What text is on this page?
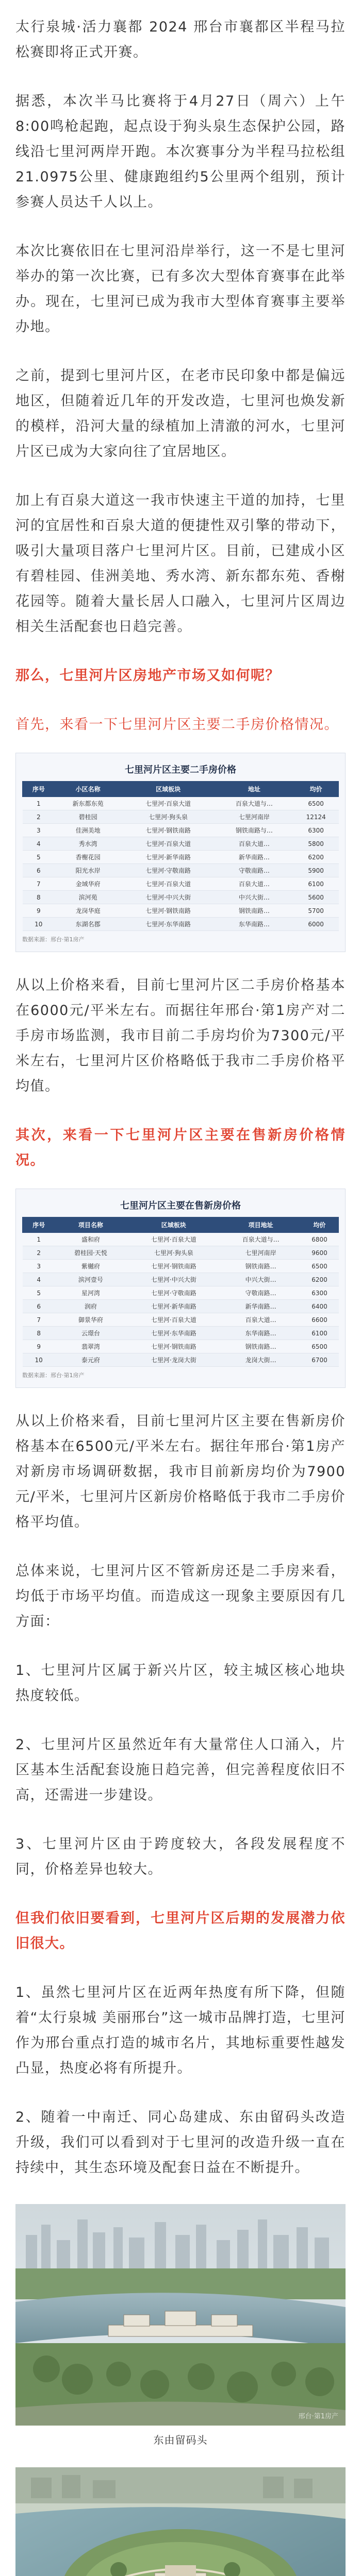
太行泉城·活力襄都 2024 邢台市襄都区半程马拉松赛即将正式开赛。

据悉，本次半马比赛将于4月27日（周六）上午8:00鸣枪起跑，起点设于狗头泉生态保护公园，路线沿七里河两岸开跑。本次赛事分为半程马拉松组21.0975公里、健康跑组约5公里两个组别，预计参赛人员达千人以上。

本次比赛依旧在七里河沿岸举行，这一不是七里河举办的第一次比赛，已有多次大型体育赛事在此举办。现在，七里河已成为我市大型体育赛事主要举办地。

之前，提到七里河片区，在老市民印象中都是偏远地区，但随着近几年的开发改造，七里河也焕发新的模样，沿河大量的绿植加上清澈的河水，七里河片区已成为大家向往了宜居地区。

加上有百泉大道这一我市快速主干道的加持，七里河的宜居性和百泉大道的便捷性双引擎的带动下，吸引大量项目落户七里河片区。目前，已建成小区有碧桂园、佳洲美地、秀水湾、新东都东苑、香榭花园等。随着大量长居人口融入，七里河片区周边相关生活配套也日趋完善。

那么，七里河片区房地产市场又如何呢？

首先，来看一下七里河片区主要二手房价格情况。

七里河片区主要二手房价格
序号	小区名称	区域板块	地址	均价
1	新东都东苑	七里河·百泉大道	百泉大道与…	6500
2	碧桂园	七里河·狗头泉	七里河南岸	12124
3	佳洲美地	七里河·钢铁南路	钢铁南路与…	6300
4	秀水湾	七里河·百泉大道	百泉大道…	5800
5	香榭花园	七里河·新华南路	新华南路…	6200
6	阳光水岸	七里河·守敬南路	守敬南路…	5900
7	金域华府	七里河·百泉大道	百泉大道…	6100
8	滨河苑	七里河·中兴大街	中兴大街…	5600
9	龙岗华庭	七里河·钢铁南路	钢铁南路…	5700
10	东湖名郡	七里河·东华南路	东华南路…	6000
数据来源：邢台·第1房产

从以上价格来看，目前七里河片区二手房价格基本在6000元/平米左右。而据往年邢台·第1房产对二手房市场监测，我市目前二手房均价为7300元/平米左右，七里河片区价格略低于我市二手房价格平均值。

其次，来看一下七里河片区主要在售新房价格情况。

七里河片区主要在售新房价格
序号	项目名称	区域板块	项目地址	均价
1	盛和府	七里河·百泉大道	百泉大道与…	6800
2	碧桂园·天悦	七里河·狗头泉	七里河南岸	9600
3	紫樾府	七里河·钢铁南路	钢铁南路…	6500
4	滨河壹号	七里河·中兴大街	中兴大街…	6200
5	星河湾	七里河·守敬南路	守敬南路…	6300
6	润府	七里河·新华南路	新华南路…	6400
7	御景华府	七里河·百泉大道	百泉大道…	6600
8	云璟台	七里河·东华南路	东华南路…	6100
9	翡翠湾	七里河·钢铁南路	钢铁南路…	6500
10	泰元府	七里河·龙岗大街	龙岗大街…	6700
数据来源：邢台·第1房产

从以上价格来看，目前七里河片区主要在售新房价格基本在6500元/平米左右。据往年邢台·第1房产对新房市场调研数据，我市目前新房均价为7900元/平米，七里河片区新房价格略低于我市二手房价格平均值。

总体来说，七里河片区不管新房还是二手房来看，均低于市场平均值。而造成这一现象主要原因有几方面：

1、七里河片区属于新兴片区，较主城区核心地块热度较低。

2、七里河片区虽然近年有大量常住人口涌入，片区基本生活配套设施日趋完善，但完善程度依旧不高，还需进一步建设。

3、七里河片区由于跨度较大，各段发展程度不同，价格差异也较大。

但我们依旧要看到，七里河片区后期的发展潜力依旧很大。

1、虽然七里河片区在近两年热度有所下降，但随着“太行泉城 美丽邢台”这一城市品牌打造，七里河作为邢台重点打造的城市名片，其地标重要性越发凸显，热度必将有所提升。

2、随着一中南迁、同心岛建成、东由留码头改造升级，我们可以看到对于七里河的改造升级一直在持续中，其生态环境及配套日益在不断提升。

邢台·第1房产
东由留码头
